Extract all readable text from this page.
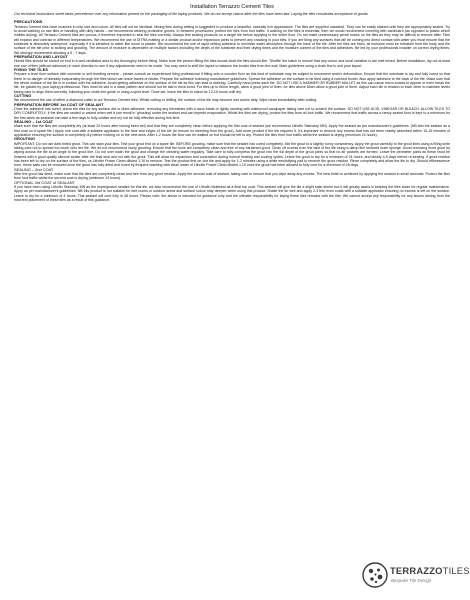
Installation Terrazzo Cement Tiles
Our technical instructions sheet takes precedence over any information printed on the packaging of tile laying products. We do not accept claims after the tiles have been laid. Laying the tiles constitutes acceptance of goods.
PRECAUTIONS
Terrazzo Cement tiles have nuances in chip size and colour. All tiles will not be identical. Mixing tiles during setting is suggested to produce a beautiful, naturally rich appearance. The tiles are supplied unsealed. They can be easily stained until they are appropriately sealed. Try to avoid walking on raw tiles or handling with dirty hands – we recommend wearing protective gloves. In between procedures, protect the tiles from foot traffic. If walking on the tiles is essential, then we would recommend covering with cardboard (as opposed to plastic which inhibits drying). All Terrazzo Cement tiles are porous, it therefore important to seal the tiles correctly. Always test sealing products on a single tile before applying to the entire floor. Do not make unnecessary pencil marks on the tiles as they may be difficult to remove after. Tiles will expand and contract in different temperatures. We recommend the use of DITRA matting or a similar product and/or expansion joints to prevent any cracking in your tiles. If you are tiling any surfaces that will be coming into direct contact with water you must ensure that the substrate is absolutely waterproof, especially if it is sensitive to water like wood or plaster. We recommend the use of rapid setting adhesive to minimise water absorption through the back of the tile. After the tiles are fixed, all moisture must be released from the body and the surface of the tile prior to sealing and grouting. The amount of moisture is dependent on multiple factors including the depth of the substrate and their drying times and the moisture content of the tiles and adhesives. Be led by your professional installer on correct drying times. We strongly recommend allowing a 5 - 7 days.
PREPARATION AND LAYOUT
Humid tiles should be stored on end in a well-ventilated area to dry thoroughly before fixing. Make sure the person fitting the tiles knows what the tiles should like. 'Shuffle' the batch to ensure that any colour and tonal variation is are well mixed. Before installation, lay out at least one row of tiles (without adhesive) in each direction to see if any adjustments need to be made. You may need to shift the layout to balance the border tiles from the wall. Mark guidelines using a chalk line to suit your layout.
FIXING THE TILES
Prepare a level floor surface with concrete or self-levelling cement – please consult an experienced tiling professional if fitting onto a wooden floor as this kind of substrate may be subject to movement and/or deformation. Ensure that the substrate is dry and fully cured so that there is no danger of humidity evaporating through the tiles which can leave traces of nitrate. Prepare the adhesive following manufacture guidelines. Spread the adhesive on the surface to be tiled using a notched trowel. Also apply adhesive to the back of the tile. Make sure that the whole surface of the tile is in contact with the adhesive. Avoid getting adhesive on the surface of the tile as this can lead to staining. Carefully hand-press each tile. DO NOT USE A HAMMER OR RUBBER MALLET as this can cause micro-cracks to appear or even break the tile- be guided by your laying professional. Tiles must be laid in a stack pattern and should not be laid in brick-bond. For tiles up to 60cm length, allow a grout joint of 3mm, for tiles above 60cm allow a grout joint of 5mm. Adjust each tile in relation to each other to maintain levels taking care to align them correctly, following your chalk line guide or using a spirit level. Once set, leave the tiles to stand for 12-15 hours until dry.
CUTTING
We recommend the use of either a diamond cutter to cut Terrazzo Cement tiles. Whilst cutting or drilling, the surface of the tile may become wet and/or dirty. Wipe clean immediately after cutting.
PREPARATION BEFORE 1st COAT OF SEALANT
Once the adhesive has cured, check the tiles for any surface dirt or dried adhesive, removing any blemishes with a razor blade or lightly sanding with waterproof sandpaper taking care not to scratch the surface. DO NOT USE ACID, VINEGAR OR BLEACH. ALLOW TILES TO DRY COMPLETELY. If the tiles are sealed or waxed when wet it can result in 'ghosting' under the sealant and can impede evaporation. Whilst the tiles are drying, protect the tiles from all foot traffic. We recommend that traffic across a newly sealed floor is kept to a minimum for the first week as sealants can take a few days to fully oxidise and my not be fully effective during this time.
SEALING – 1st COAT
Make sure that the tiles are completely dry (at least 24 hours after having been set) and that they are completely clean before applying the first coat of sealant (we recommend Lithofin Stainstop MN). Apply the sealant as per manufacturer's guidelines. (NB test the sealant as a first coat on a spare tile.) Apply one coat with a suitable applicator to the face and edges of the tile (to ensure no bleeding from the grout). Add more product if the tile requires it. It's important to remove any excess that has not been readily absorbed within 10-15 minutes of application ensuring the surface is completely dry before moving on to the next area. After 1-2 hours the floor can be walked on but should be left to dry. Protect the tiles from foot traffic whilst the sealant is drying (minimum 24 hours).
GROUTING
IMPORTANT: Do not use dark tinted grout. This can stain your tiles. Test your grout first on a spare tile. BEFORE grouting, make sure that the sealant has cured completely. Mix the grout to a slightly runny consistency. Apply the grout carefully to the grout lines using a filling knife taking care not to spread too much onto the tile. We do not recommend slurry grouting. Ensure that the tools are completely clean and free of any hardened grout. Clean off excess from the face of the tile using a damp fine textured foam sponge. Avoid removing most grout by wiping across the tile at an angle to the grout line. Do not over wash the grout and change the cleaning water regularly. Take care to fully compress the grout into the full depth of the grout joints so that no air pockets are formed. Leave the perimeter joints as these must be finished with a good quality silicone sealer after the final seal and not with the grout. This will allow for expansion and contraction during normal heating and cooling cycles. Leave the grout to dry for a minimum of 24 hours, and ideally 4-5 days before re-sealing. If grout residue has been left to dry on the surface of the tiles, us Lithofin Power Clean diluted 1:10 to remove. Test the product first on one tile and apply for 1-2 minutes using a white emulsifying pad to remove the grout residue. Rinse completely and allow the tile to dry. Should efflorescence form, these salts can be removed once the grout has fully dried and cured by frequent washing with clean water of Lithofin Power Clean diluted 1:10 once the grout has been allowed to fully cure for a minimum of 28 days.
SEALING – 2nd COAT
After the grout has dried, make sure that the tiles are completely clean and free from any grout residue. Apply the second coat of sealant, taking care to ensure that you wipe away any excess. The best finish is achieved by applying the sealant in small amounts. Protect the tiles from foot traffic whilst the second coat is drying (minimum 24 hours).
OPTIONAL 3rd COAT of SEALANT
If you have been using Lithofin Stainstop MN as the impregnator/ sealant for this tile, we also recommend the use of Lithofin Multiseal as a final top coat. This sealant will give the tile a slight satin sheen but it will greatly assist in keeping the tiles clean for regular maintenance. Apply as per manufacturer's guidelines. NB this product is not suitable for wet rooms or outdoor areas and surface colour may deepen when using this product. Shake the tin well and apply 2-3 thin even coats with a suitable applicator ensuring no excess is left on the surface. Leave to dry for a minimum of 4 hours. This sealant will cure fully in 48 hours. Please note; the above is intended for guidance only and the ultimate responsibility for laying these tiles remains with the tiler. We cannot accept any responsibility for any issues arising from the incorrect placement of these tiles as a result of this guidance.
TERRAZZOTILES
Bespoke Tile Design
